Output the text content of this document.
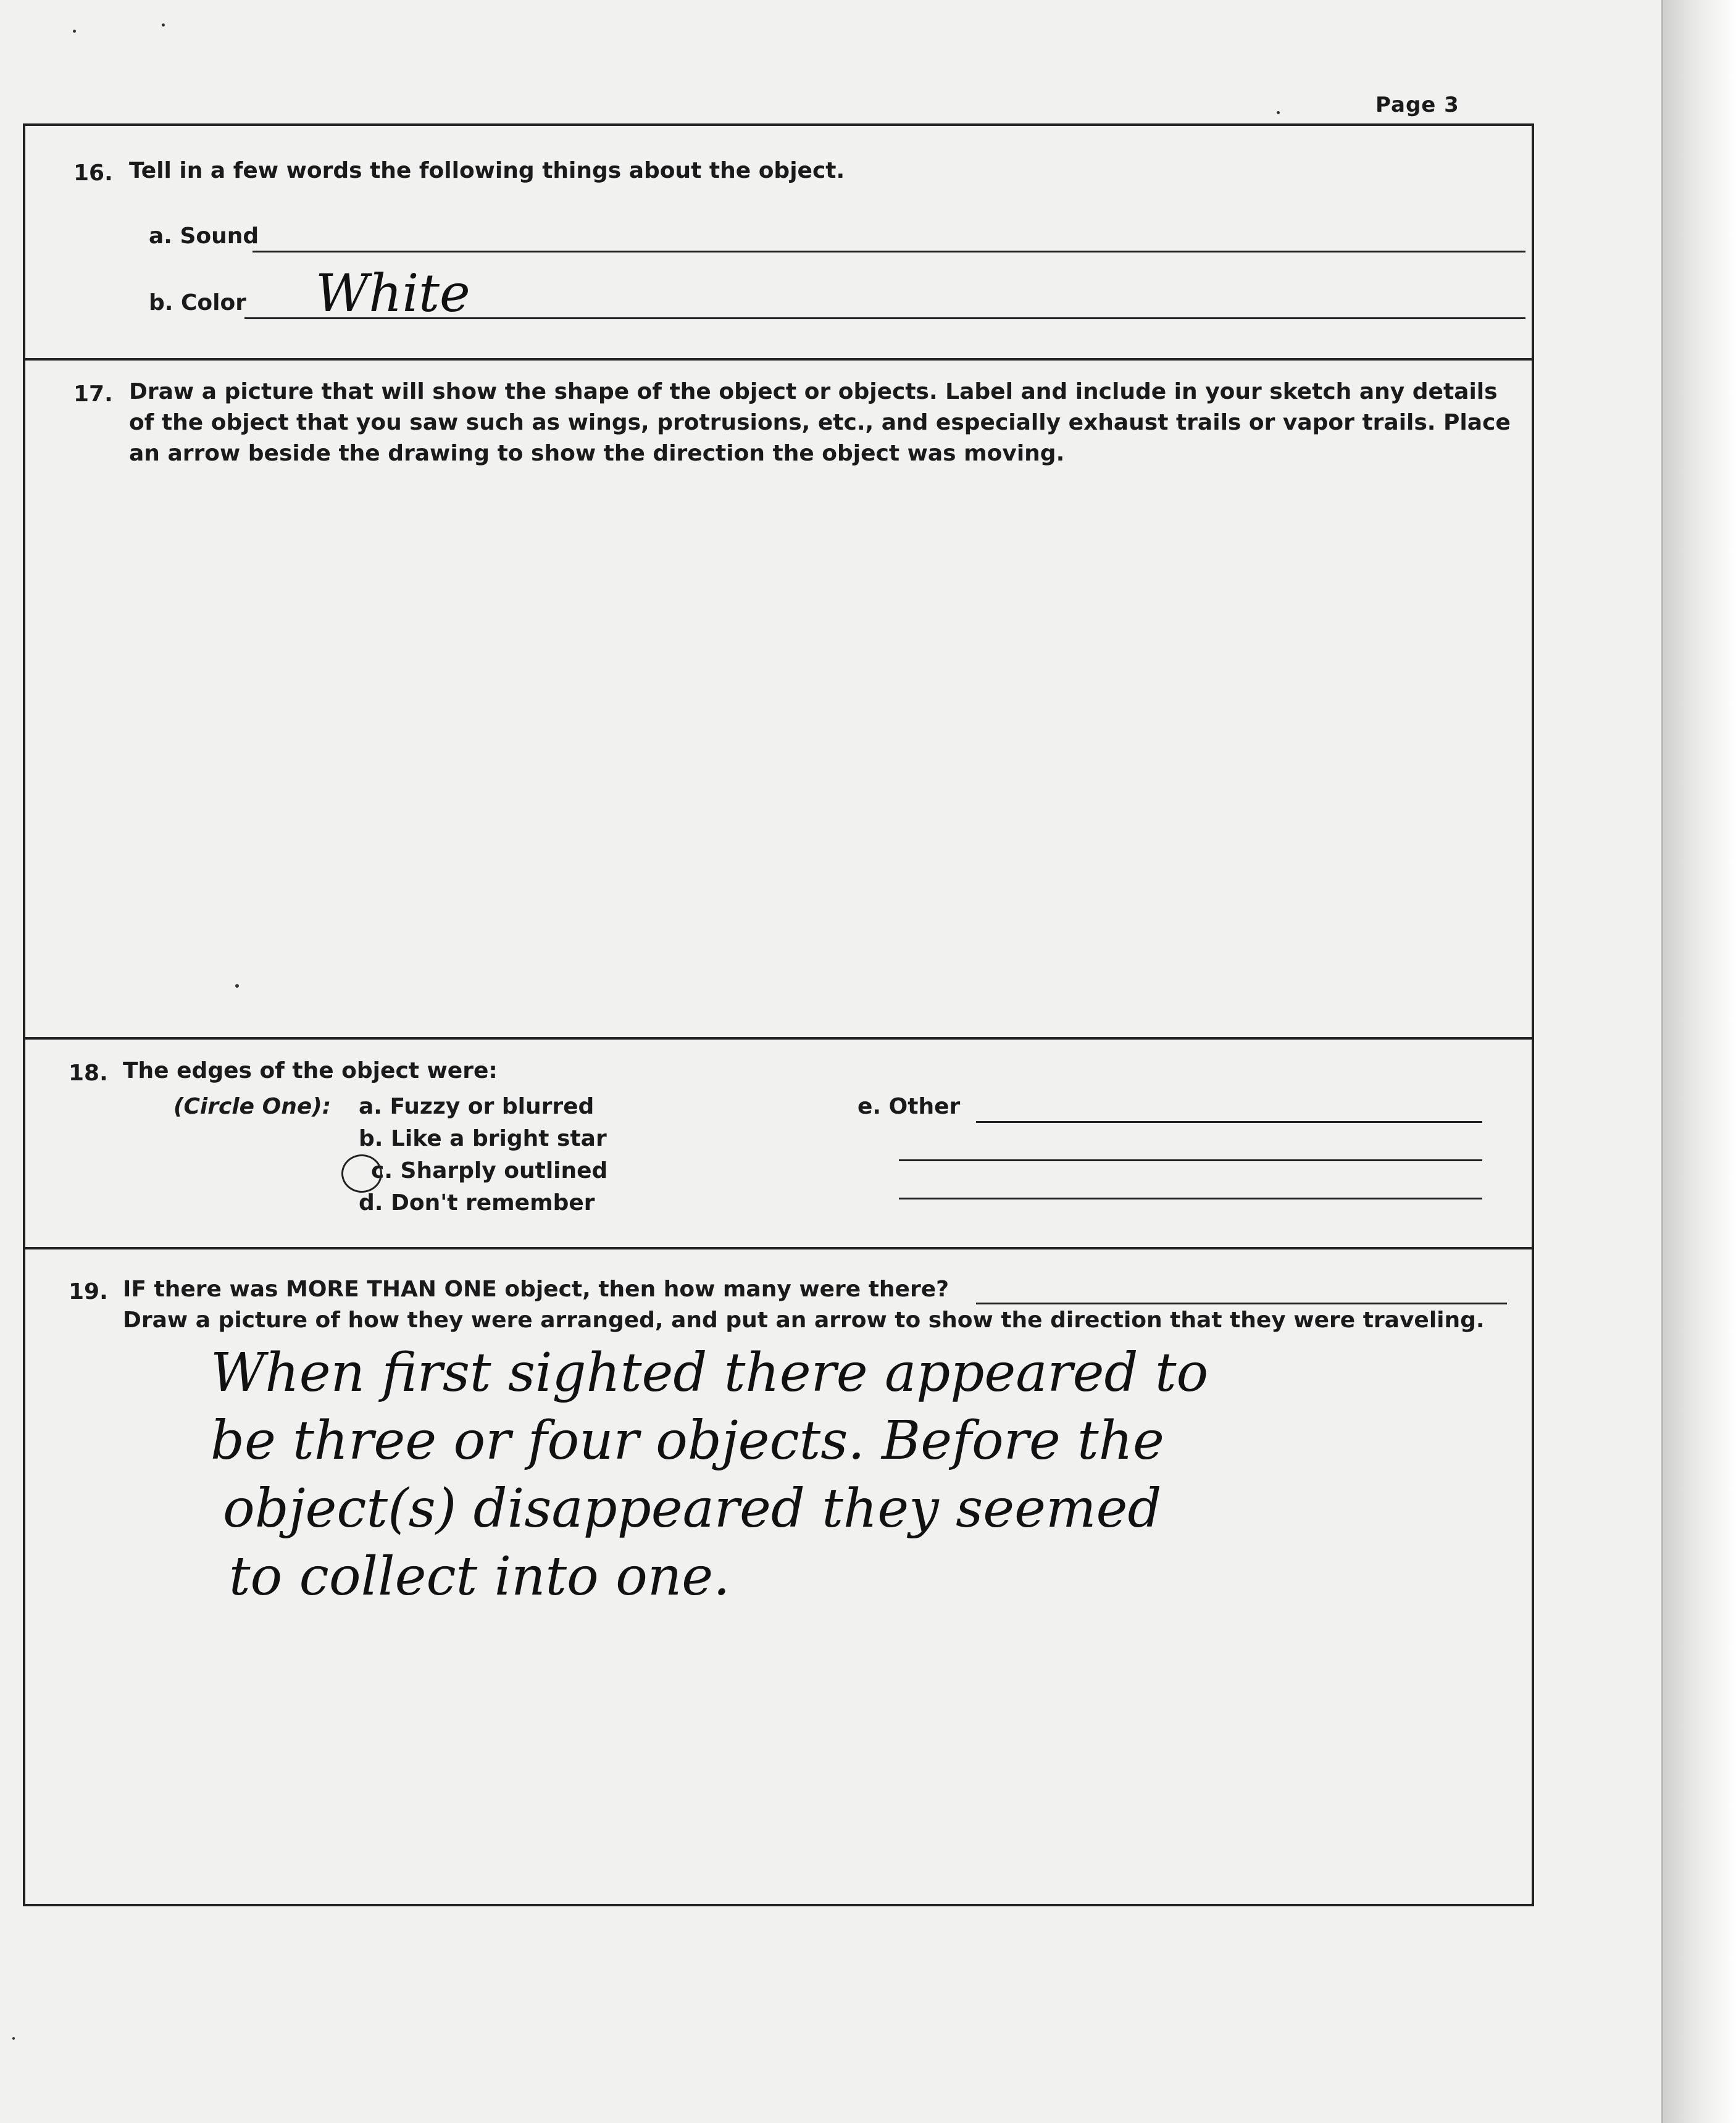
Page 3
16. Tell in a few words the following things about the object.
a. Sound
b. Color White
17. Draw a picture that will show the shape of the object or objects. Label and include in your sketch any details
of the object that you saw such as wings, protrusions, etc., and especially exhaust trails or vapor trails. Place
an arrow beside the drawing to show the direction the object was moving.
18. The edges of the object were:
(Circle One): a. Fuzzy or blurred
b. Like a bright star
c. Sharply outlined
d. Don't remember
e. Other
19. IF there was MORE THAN ONE object, then how many were there?
Draw a picture of how they were arranged, and put an arrow to show the direction that they were traveling.
When first sighted there appeared to
be three or four objects. Before the
object(s) disappeared they seemed
to collect into one.
